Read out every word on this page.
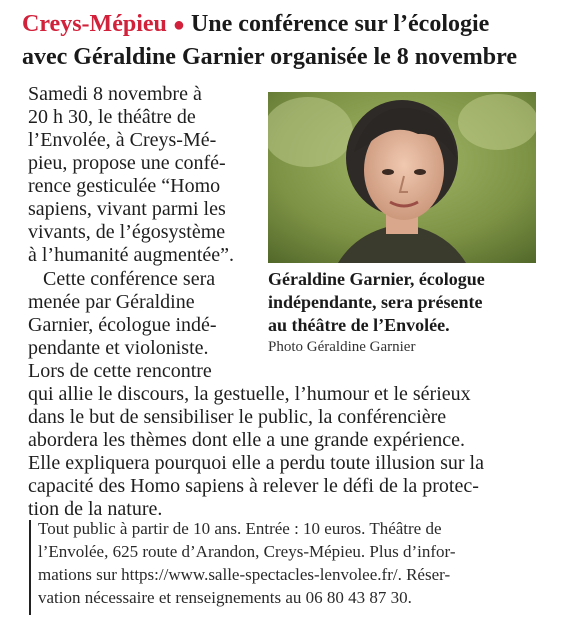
Creys-Mépieu ● Une conférence sur l’écologie
avec Géraldine Garnier organisée le 8 novembre
Samedi 8 novembre à
20 h 30, le théâtre de
l’Envolée, à Creys-Mé-
pieu, propose une confé-
rence gesticulée “Homo
sapiens, vivant parmi les
vivants, de l’égosystème
à l’humanité augmentée”.
Cette conférence sera
menée par Géraldine
Garnier, écologue indé-
pendante et violoniste.
Lors de cette rencontre
qui allie le discours, la gestuelle, l’humour et le sérieux
dans le but de sensibiliser le public, la conférencière
abordera les thèmes dont elle a une grande expérience.
Elle expliquera pourquoi elle a perdu toute illusion sur la
capacité des Homo sapiens à relever le défi de la protec-
tion de la nature.
Géraldine Garnier, écologue
indépendante, sera présente
au théâtre de l’Envolée.
Photo Géraldine Garnier
Tout public à partir de 10 ans. Entrée : 10 euros. Théâtre de
l’Envolée, 625 route d’Arandon, Creys-Mépieu. Plus d’infor-
mations sur https://www.salle-spectacles-lenvolee.fr/. Réser-
vation nécessaire et renseignements au 06 80 43 87 30.
